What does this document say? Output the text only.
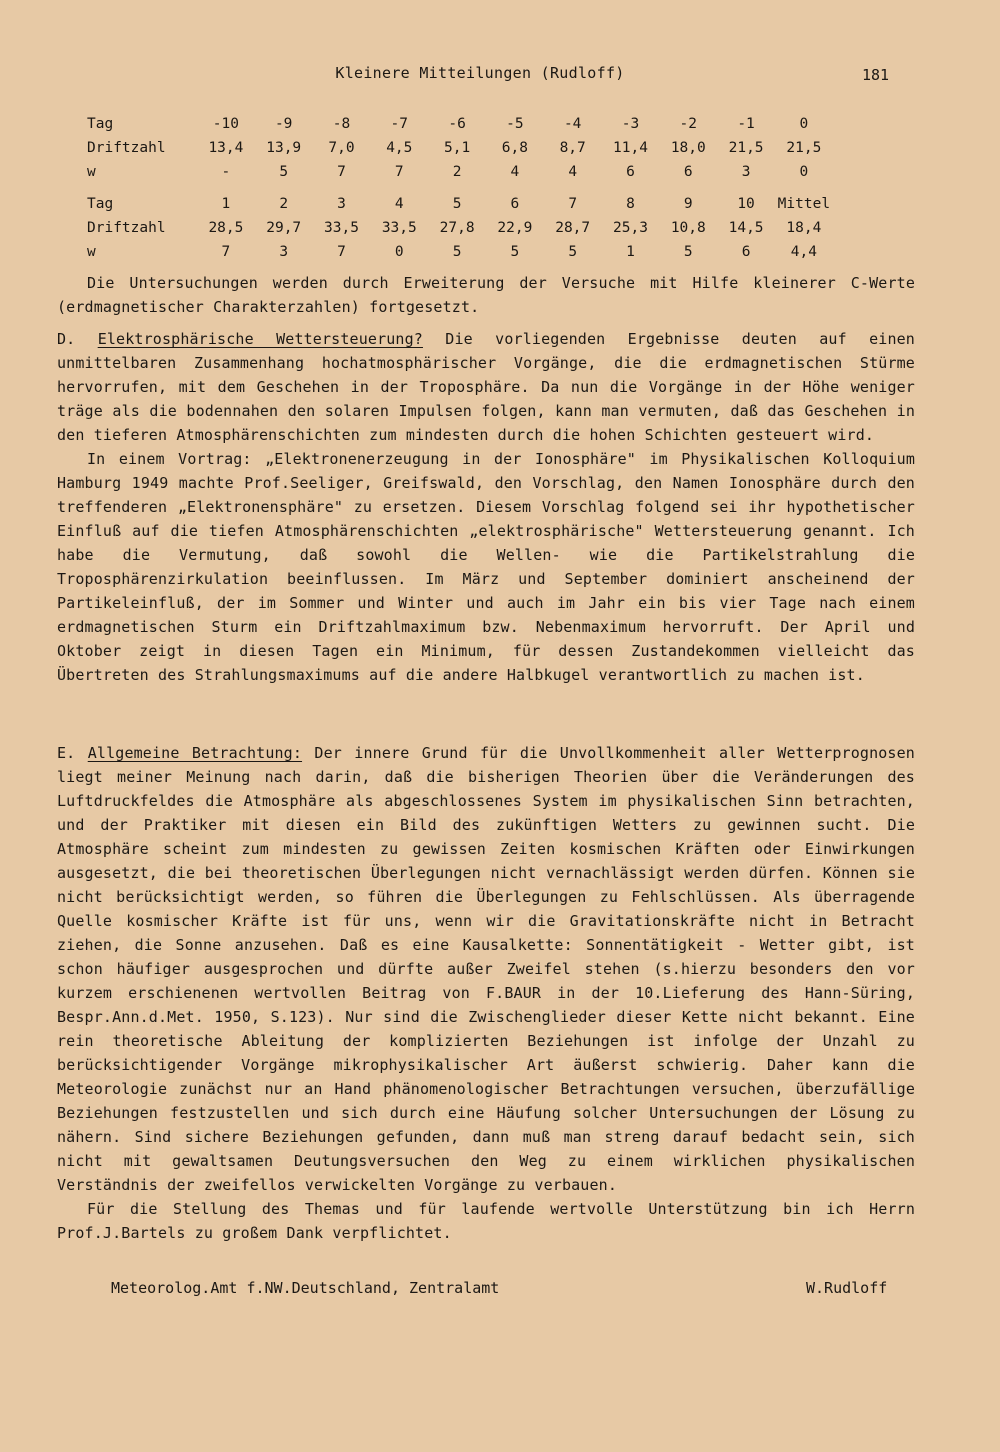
Kleinere Mitteilungen (Rudloff)	181
Tag	-10	-9	-8	-7	-6	-5	-4	-3	-2	-1	0
Driftzahl	13,4	13,9	7,0	4,5	5,1	6,8	8,7	11,4	18,0	21,5	21,5
w	-	5	7	7	2	4	4	6	6	3	0
Tag	1	2	3	4	5	6	7	8	9	10	Mittel
Driftzahl	28,5	29,7	33,5	33,5	27,8	22,9	28,7	25,3	10,8	14,5	18,4
w	7	3	7	0	5	5	5	1	5	6	4,4
Die Untersuchungen werden durch Erweiterung der Versuche mit Hilfe kleinerer C-Werte (erdmagnetischer Charakterzahlen) fortgesetzt.

D. Elektrosphärische Wettersteuerung? Die vorliegenden Ergebnisse deuten auf einen unmittelbaren Zusammenhang hochatmosphärischer Vorgänge, die die erdmagnetischen Stürme hervorrufen, mit dem Geschehen in der Troposphäre. Da nun die Vorgänge in der Höhe weniger träge als die bodennahen den solaren Impulsen folgen, kann man vermuten, daß das Geschehen in den tieferen Atmosphärenschichten zum mindesten durch die hohen Schichten gesteuert wird.

In einem Vortrag: „Elektronenerzeugung in der Ionosphäre" im Physikalischen Kolloquium Hamburg 1949 machte Prof.Seeliger, Greifswald, den Vorschlag, den Namen Ionosphäre durch den treffenderen „Elektronensphäre" zu ersetzen. Diesem Vorschlag folgend sei ihr hypothetischer Einfluß auf die tiefen Atmosphärenschichten „elektrosphärische" Wettersteuerung genannt. Ich habe die Vermutung, daß sowohl die Wellen- wie die Partikelstrahlung die Troposphärenzirkulation beeinflussen. Im März und September dominiert anscheinend der Partikeleinfluß, der im Sommer und Winter und auch im Jahr ein bis vier Tage nach einem erdmagnetischen Sturm ein Driftzahlmaximum bzw. Nebenmaximum hervorruft. Der April und Oktober zeigt in diesen Tagen ein Minimum, für dessen Zustandekommen vielleicht das Übertreten des Strahlungsmaximums auf die andere Halbkugel verantwortlich zu machen ist.

E. Allgemeine Betrachtung: Der innere Grund für die Unvollkommenheit aller Wetterprognosen liegt meiner Meinung nach darin, daß die bisherigen Theorien über die Veränderungen des Luftdruckfeldes die Atmosphäre als abgeschlossenes System im physikalischen Sinn betrachten, und der Praktiker mit diesen ein Bild des zukünftigen Wetters zu gewinnen sucht. Die Atmosphäre scheint zum mindesten zu gewissen Zeiten kosmischen Kräften oder Einwirkungen ausgesetzt, die bei theoretischen Überlegungen nicht vernachlässigt werden dürfen. Können sie nicht berücksichtigt werden, so führen die Überlegungen zu Fehlschlüssen. Als überragende Quelle kosmischer Kräfte ist für uns, wenn wir die Gravitationskräfte nicht in Betracht ziehen, die Sonne anzusehen. Daß es eine Kausalkette: Sonnentätigkeit - Wetter gibt, ist schon häufiger ausgesprochen und dürfte außer Zweifel stehen (s.hierzu besonders den vor kurzem erschienenen wertvollen Beitrag von F.BAUR in der 10.Lieferung des Hann-Süring, Bespr.Ann.d.Met. 1950, S.123). Nur sind die Zwischenglieder dieser Kette nicht bekannt. Eine rein theoretische Ableitung der komplizierten Beziehungen ist infolge der Unzahl zu berücksichtigender Vorgänge mikrophysikalischer Art äußerst schwierig. Daher kann die Meteorologie zunächst nur an Hand phänomenologischer Betrachtungen versuchen, überzufällige Beziehungen festzustellen und sich durch eine Häufung solcher Untersuchungen der Lösung zu nähern. Sind sichere Beziehungen gefunden, dann muß man streng darauf bedacht sein, sich nicht mit gewaltsamen Deutungsversuchen den Weg zu einem wirklichen physikalischen Verständnis der zweifellos verwickelten Vorgänge zu verbauen.

Für die Stellung des Themas und für laufende wertvolle Unterstützung bin ich Herrn Prof.J.Bartels zu großem Dank verpflichtet.

Meteorolog.Amt f.NW.Deutschland, Zentralamt	W.Rudloff
